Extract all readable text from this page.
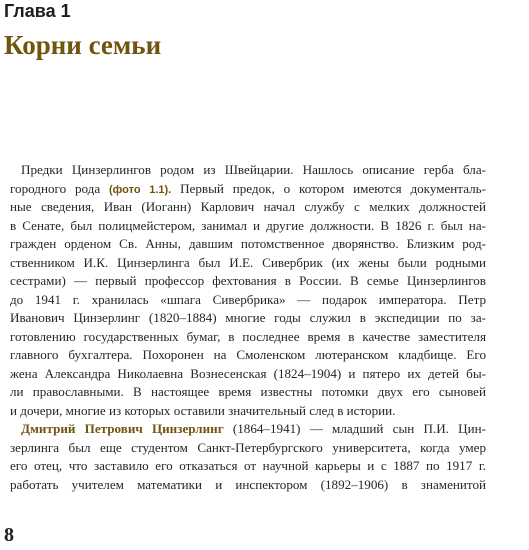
Глава 1
Корни семьи
Предки Цинзерлингов родом из Швейцарии. Нашлось описание герба бла-
городного рода (фото 1.1). Первый предок, о котором имеются документаль-
ные сведения, Иван (Иоганн) Карлович начал службу с мелких должностей
в Сенате, был полицмейстером, занимал и другие должности. В 1826 г. был на-
гражден орденом Св. Анны, давшим потомственное дворянство. Близким род-
ственником И.К. Цинзерлинга был И.Е. Сивербрик (их жены были родными
сестрами) — первый профессор фехтования в России. В семье Цинзерлингов
до 1941 г. хранилась «шпага Сивербрика» — подарок императора. Петр
Иванович Цинзерлинг (1820–1884) многие годы служил в экспедиции по за-
готовлению государственных бумаг, в последнее время в качестве заместителя
главного бухгалтера. Похоронен на Смоленском лютеранском кладбище. Его
жена Александра Николаевна Вознесенская (1824–1904) и пятеро их детей бы-
ли православными. В настоящее время известны потомки двух его сыновей
и дочери, многие из которых оставили значительный след в истории.
Дмитрий Петрович Цинзерлинг (1864–1941) — младший сын П.И. Цин-
зерлинга был еще студентом Санкт-Петербургского университета, когда умер
его отец, что заставило его отказаться от научной карьеры и с 1887 по 1917 г.
работать учителем математики и инспектором (1892–1906) в знаменитой
8
